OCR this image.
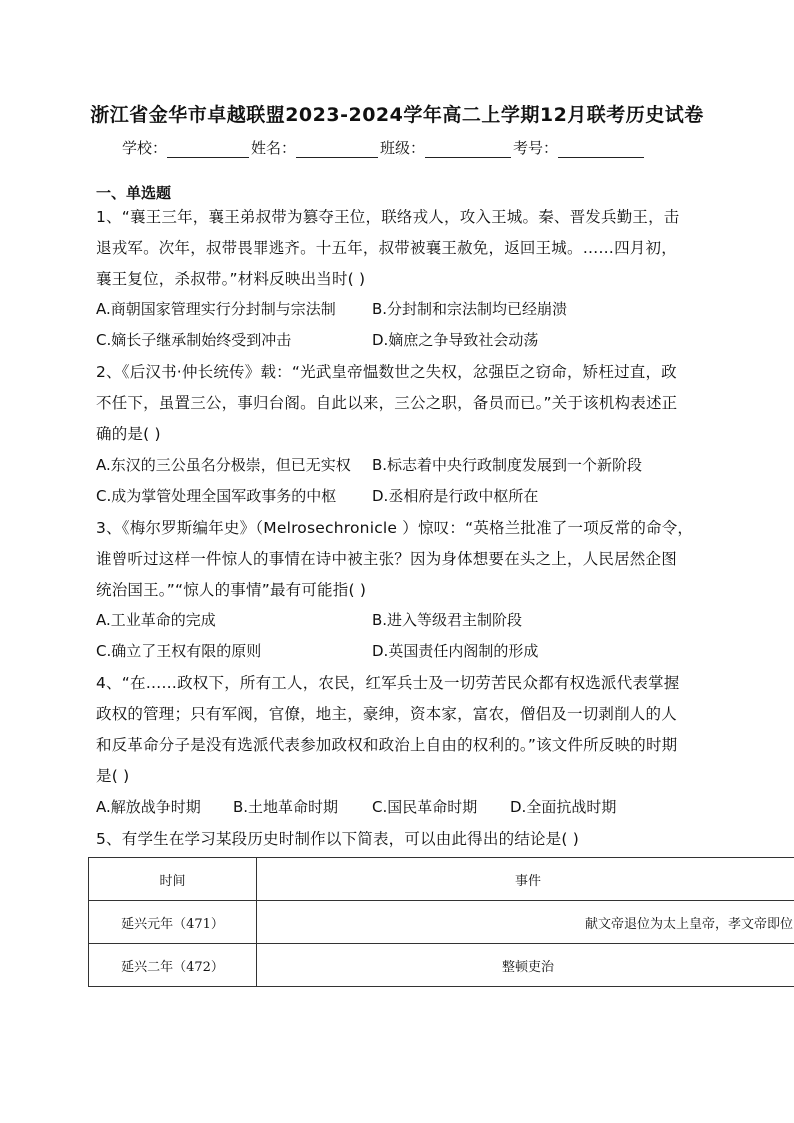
浙江省金华市卓越联盟2023-2024学年高二上学期12月联考历史试卷
学校：	姓名：	班级：	考号：
一、单选题
1、“襄王三年，襄王弟叔带为篡夺王位，联络戎人，攻入王城。秦、晋发兵勤王，击
退戎军。次年，叔带畏罪逃齐。十五年，叔带被襄王赦免，返回王城。……四月初，
襄王复位，杀叔带。”材料反映出当时( )
A.商朝国家管理实行分封制与宗法制 B.分封制和宗法制均已经崩溃
C.嫡长子继承制始终受到冲击	D.嫡庶之争导致社会动荡
2、《后汉书·仲长统传》载：“光武皇帝愠数世之失权，忿强臣之窃命，矫枉过直，政
不任下，虽置三公，事归台阁。自此以来，三公之职，备员而已。”关于该机构表述正
确的是( )
A.东汉的三公虽名分极崇，但已无实权 B.标志着中央行政制度发展到一个新阶段
C.成为掌管处理全国军政事务的中枢 D.丞相府是行政中枢所在
3、《梅尔罗斯编年史》（Melrosechronicle ）惊叹：“英格兰批准了一项反常的命令，
谁曾听过这样一件惊人的事情在诗中被主张？因为身体想要在头之上，人民居然企图
统治国王。”“惊人的事情”最有可能指( )
A.工业革命的完成	B.进入等级君主制阶段
C.确立了王权有限的原则	D.英国责任内阁制的形成
4、“在……政权下，所有工人，农民，红军兵士及一切劳苦民众都有权选派代表掌握
政权的管理；只有军阀，官僚，地主，豪绅，资本家，富农，僧侣及一切剥削人的人
和反革命分子是没有选派代表参加政权和政治上自由的权利的。”该文件所反映的时期
是( )
A.解放战争时期 B.土地革命时期 C.国民革命时期 D.全面抗战时期
5、有学生在学习某段历史时制作以下简表，可以由此得出的结论是( )
时间	事件
延兴元年（471）	献文帝退位为太上皇帝，孝文帝即位
延兴二年（472）	整顿吏治
